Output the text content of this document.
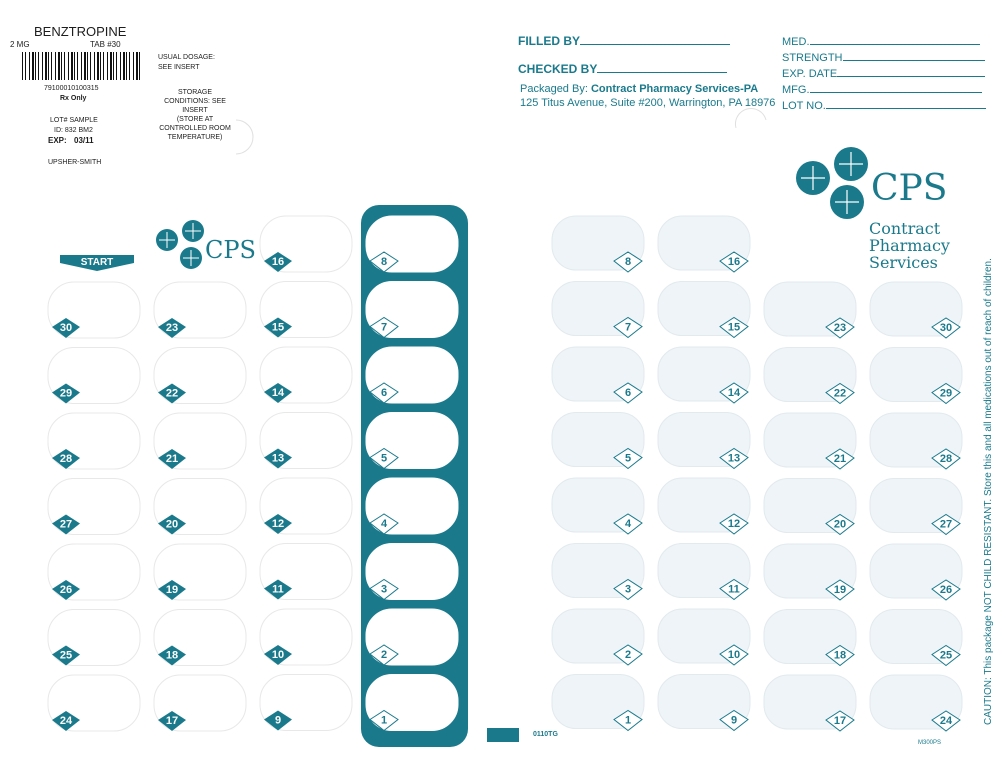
BENZTROPINE
2 MG	TAB #30
79100010100315
Rx Only
LOT# SAMPLE
ID: 832 BM2
EXP: 03/11
UPSHER-SMITH
USUAL DOSAGE:
SEE INSERT
STORAGE
CONDITIONS: SEE
INSERT
(STORE AT
CONTROLLED ROOM
TEMPERATURE)
FILLED BY
CHECKED BY
Packaged By: Contract Pharmacy Services-PA
125 Titus Avenue, Suite #200, Warrington, PA 18976
MED.
STRENGTH
EXP. DATE
MFG.
LOT NO.
CPS
Contract
Pharmacy
Services
CPS
START
30
29
28
27
26
25
24
23
22
21
20
19
18
17
16
15
14
13
12
11
10
9
8
7
6
5
4
3
2
1
8
7
6
5
4
3
2
1
16
15
14
13
12
11
10
9
23
22
21
20
19
18
17
30
29
28
27
26
25
24
0110TG
M300PS
CAUTION: This package NOT CHILD RESISTANT. Store this and all medications out of reach of children.
